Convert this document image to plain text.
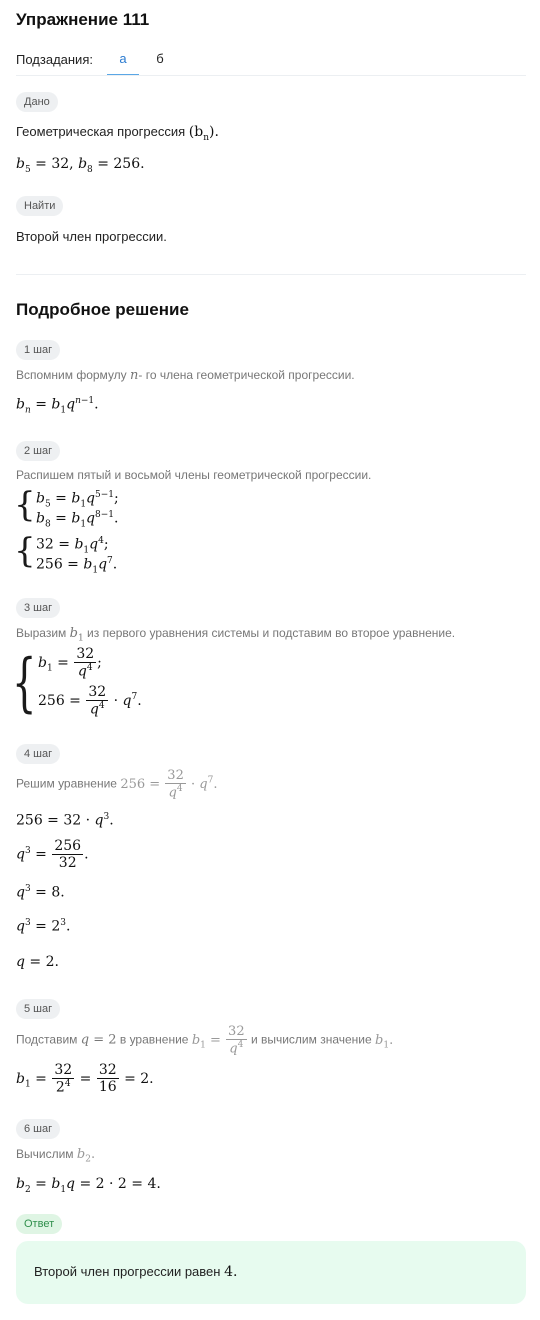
Упражнение 111
Подзадания:	а	б
Дано
Геометрическая прогрессия $(b_n)$.
$b_5 = 32$, $b_8 = 256$.
Найти
Второй член прогрессии.
Подробное решение
1 шаг
Вспомним формулу n- го члена геометрической прогрессии.
$b_n = b_1q^{n-1}$.
2 шаг
Распишем пятый и восьмой члены геометрической прогрессии.
{ $b_5 = b_1q^{5-1}$;
$b_8 = b_1q^{8-1}$.
{ $32 = b_1q^4$;
$256 = b_1q^7$.
3 шаг
Выразим $b_1$ из первого уравнения системы и подставим во второе уравнение.
{ $b_1 = \frac{32}{q^4}$ ;
$256 = \frac{32}{q^4} \cdot q^7$.
4 шаг
Решим уравнение $256 = \frac{32}{q^4} \cdot q^7$.
$256 = 32 \cdot q^3$.
$q^3 = \frac{256}{32}$ .
$q^3 = 8$.
$q^3 = 2^3$.
q = 2.
5 шаг
Подставим q = 2 в уравнение $b_1 = \frac{32}{q^4}$ и вычислим значение $b_1$.
$b_1 = \frac{32}{2^4} = \frac{32}{16} = 2$.
6 шаг
Вычислим $b_2$.
$b_2 = b_1q = 2 \cdot 2 = 4$.
Ответ
Второй член прогрессии равен 4.
